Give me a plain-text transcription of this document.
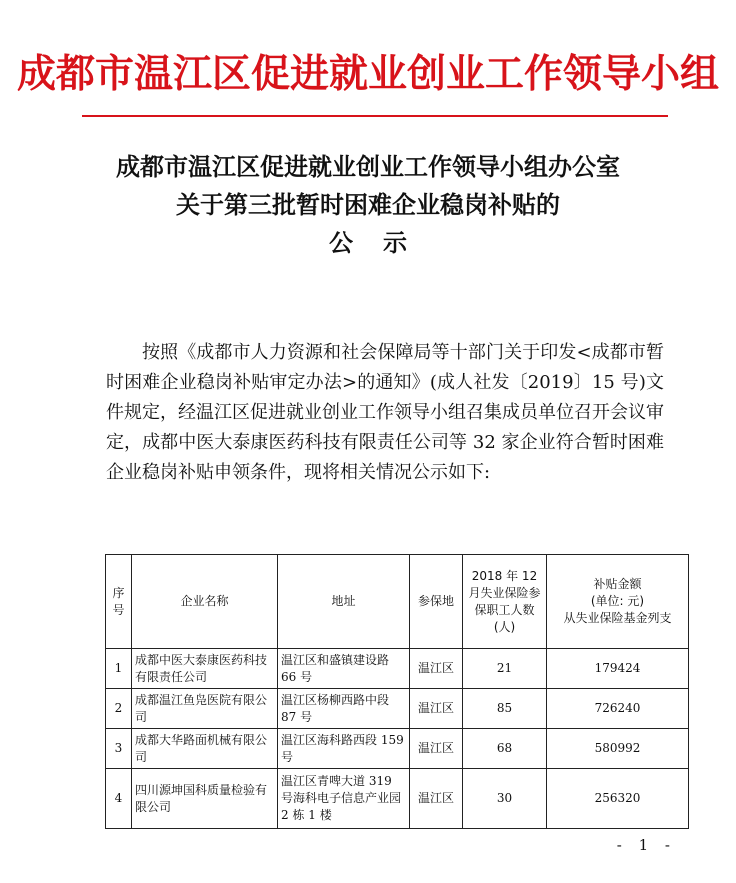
成都市温江区促进就业创业工作领导小组
成都市温江区促进就业创业工作领导小组办公室
关于第三批暂时困难企业稳岗补贴的
公示

按照《成都市人力资源和社会保障局等十部门关于印发<成都市暂时困难企业稳岗补贴审定办法>的通知》(成人社发〔2019〕15 号)文件规定，经温江区促进就业创业工作领导小组召集成员单位召开会议审定，成都中医大泰康医药科技有限责任公司等 32 家企业符合暂时困难企业稳岗补贴申领条件，现将相关情况公示如下:

序号	企业名称	地址	参保地	2018 年 12 月失业保险参保职工人数(人)	补贴金额
(单位: 元)
从失业保险基金列支

1	成都中医大泰康医药科技有限责任公司	温江区和盛镇建设路 66 号	温江区	21	179424
2	成都温江鱼凫医院有限公司	温江区杨柳西路中段 87 号	温江区	85	726240
3	成都大华路面机械有限公司	温江区海科路西段 159 号	温江区	68	580992
4	四川源坤国科质量检验有限公司	温江区青啤大道 319 号海科电子信息产业园 2 栋 1 楼	温江区	30	256320
- 1 -
